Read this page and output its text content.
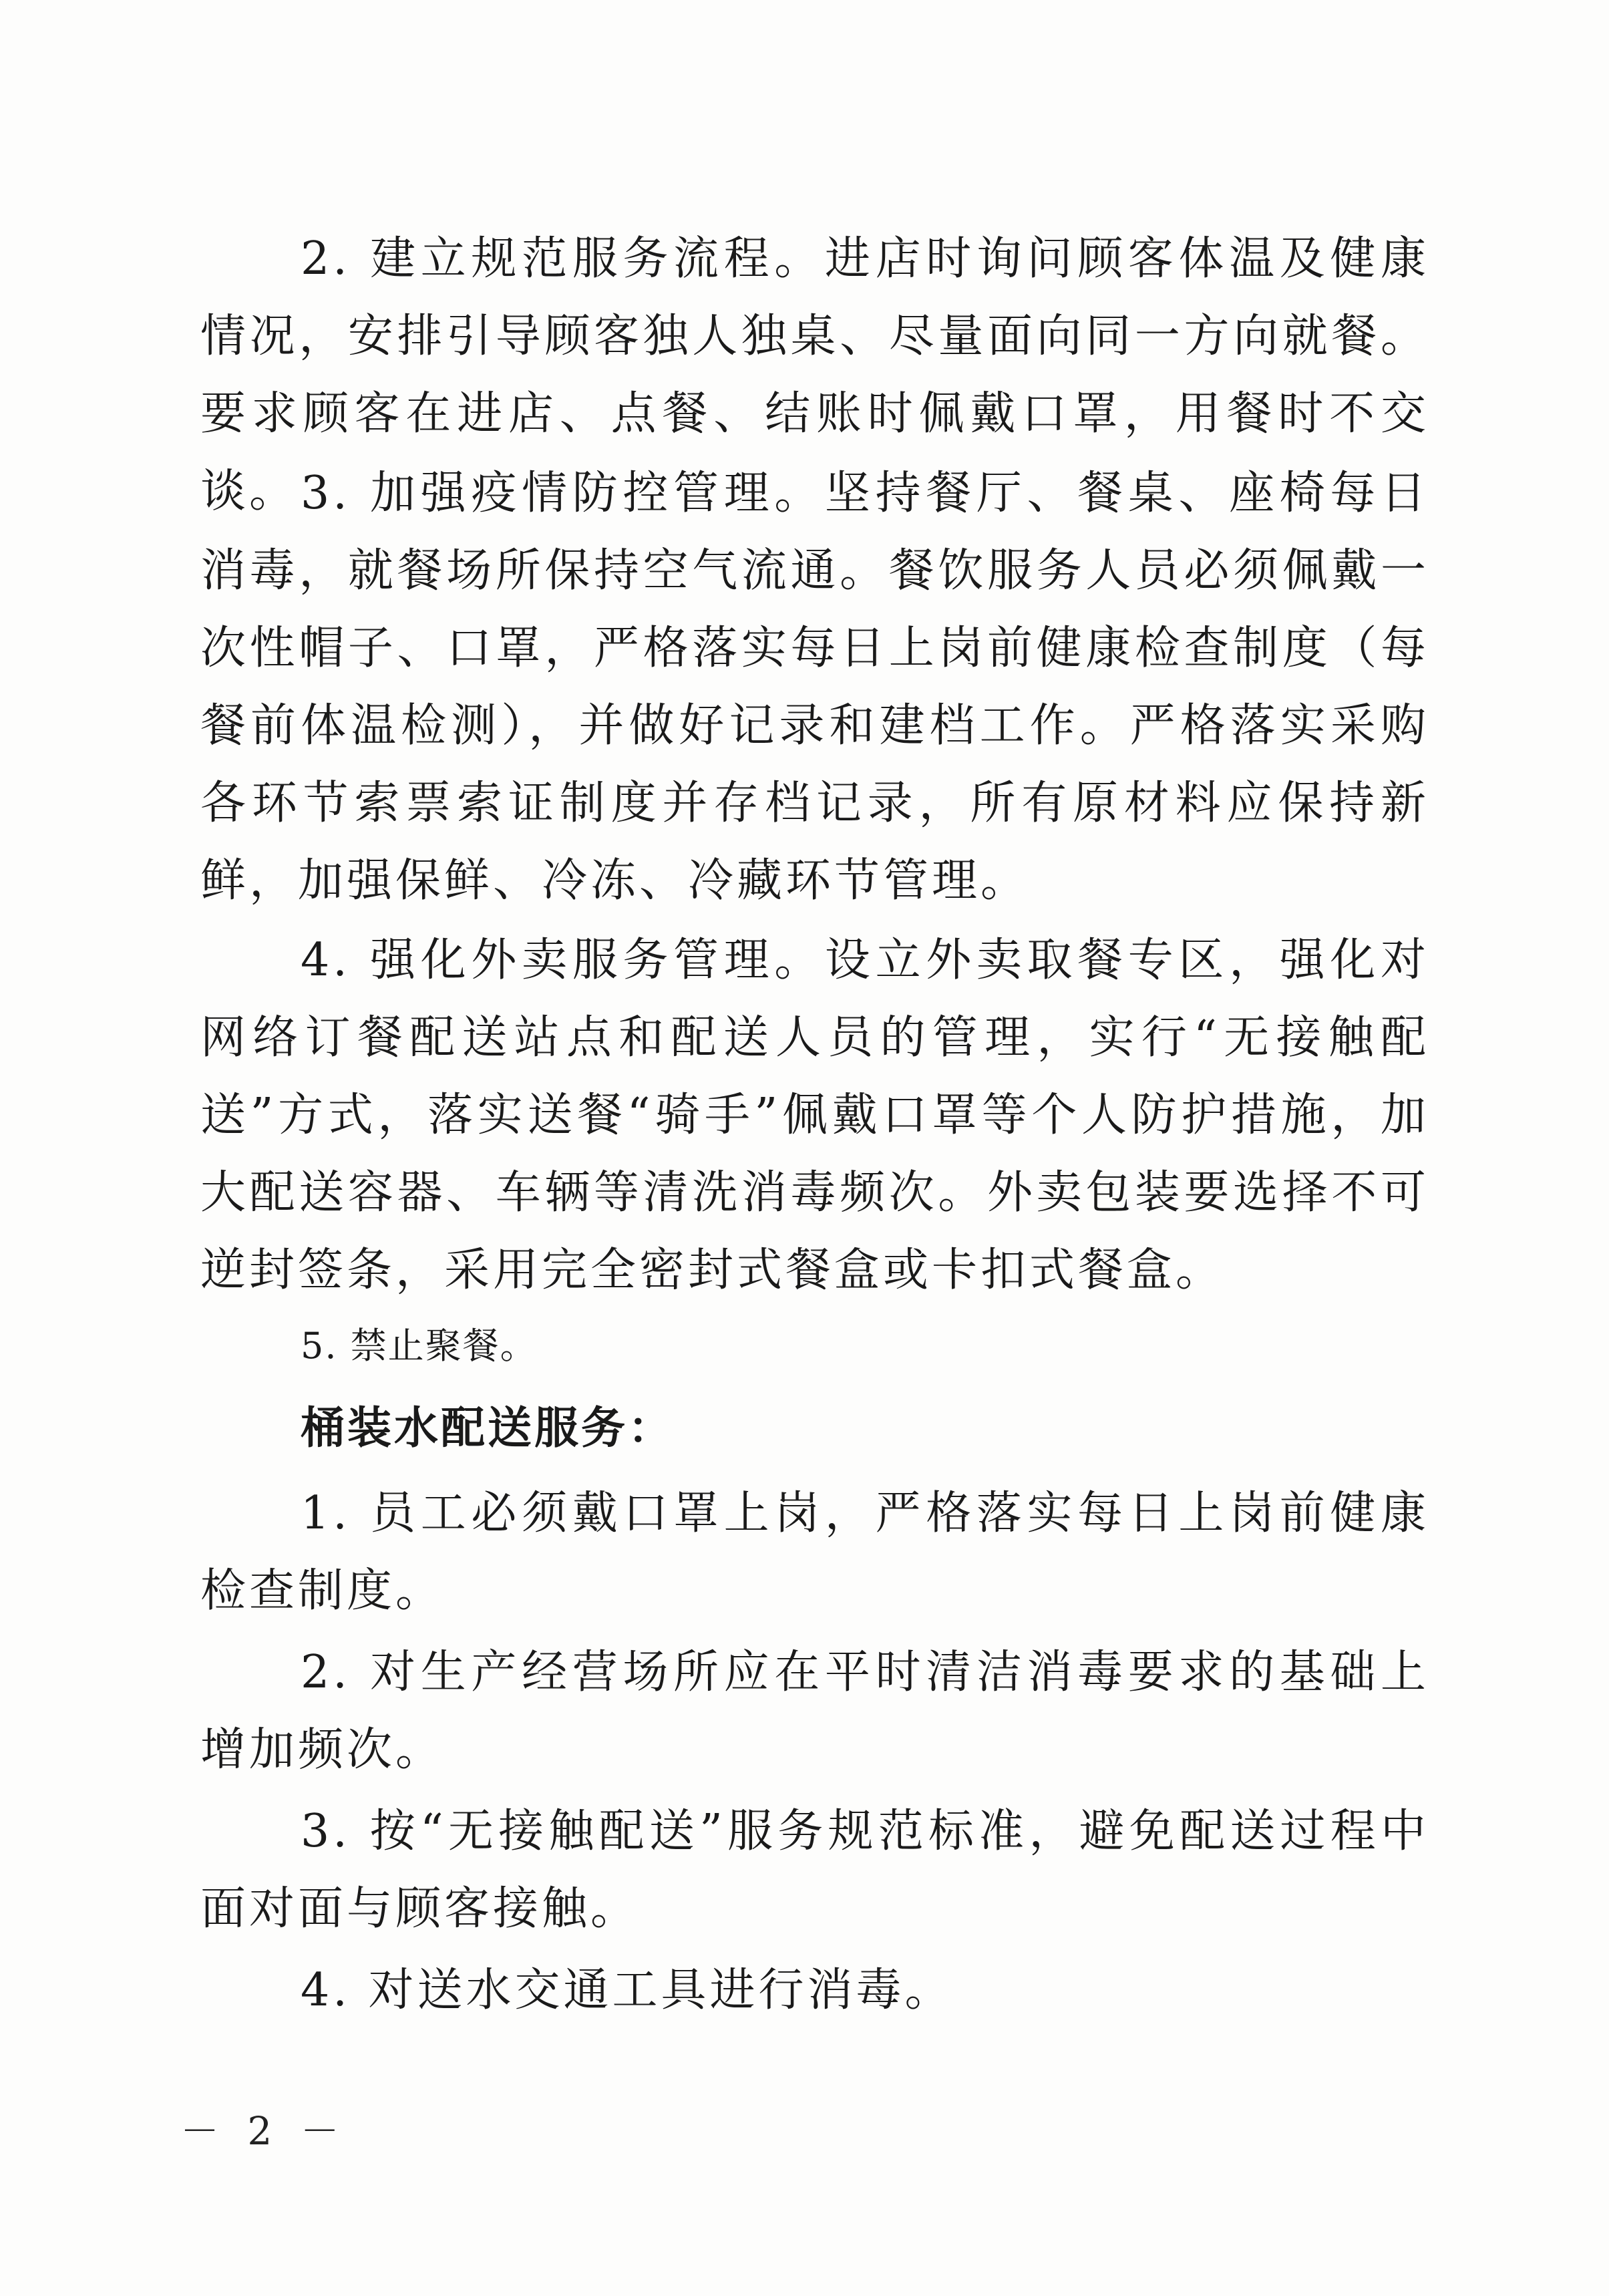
2. 建立规范服务流程。进店时询问顾客体温及健康情况，安排引导顾客独人独桌、尽量面向同一方向就餐。要求顾客在进店、点餐、结账时佩戴口罩，用餐时不交谈。 3. 加强疫情防控管理。坚持餐厅、餐桌、座椅每日消毒，就餐场所保持空气流通。餐饮服务人员必须佩戴一次性帽子、口罩，严格落实每日上岗前健康检查制度（每餐前体温检测），并做好记录和建档工作。严格落实采购各环节索票索证制度并存档记录，所有原材料应保持新鲜，加强保鲜、冷冻、冷藏环节管理。

4. 强化外卖服务管理。设立外卖取餐专区，强化对网络订餐配送站点和配送人员的管理，实行“无接触配送”方式，落实送餐“骑手”佩戴口罩等个人防护措施，加大配送容器、车辆等清洗消毒频次。外卖包装要选择不可逆封签条，采用完全密封式餐盒或卡扣式餐盒。

5. 禁止聚餐。

桶装水配送服务：

1. 员工必须戴口罩上岗，严格落实每日上岗前健康检查制度。

2. 对生产经营场所应在平时清洁消毒要求的基础上增加频次。

3. 按“无接触配送”服务规范标准，避免配送过程中面对面与顾客接触。

4. 对送水交通工具进行消毒。

－ 2 －
